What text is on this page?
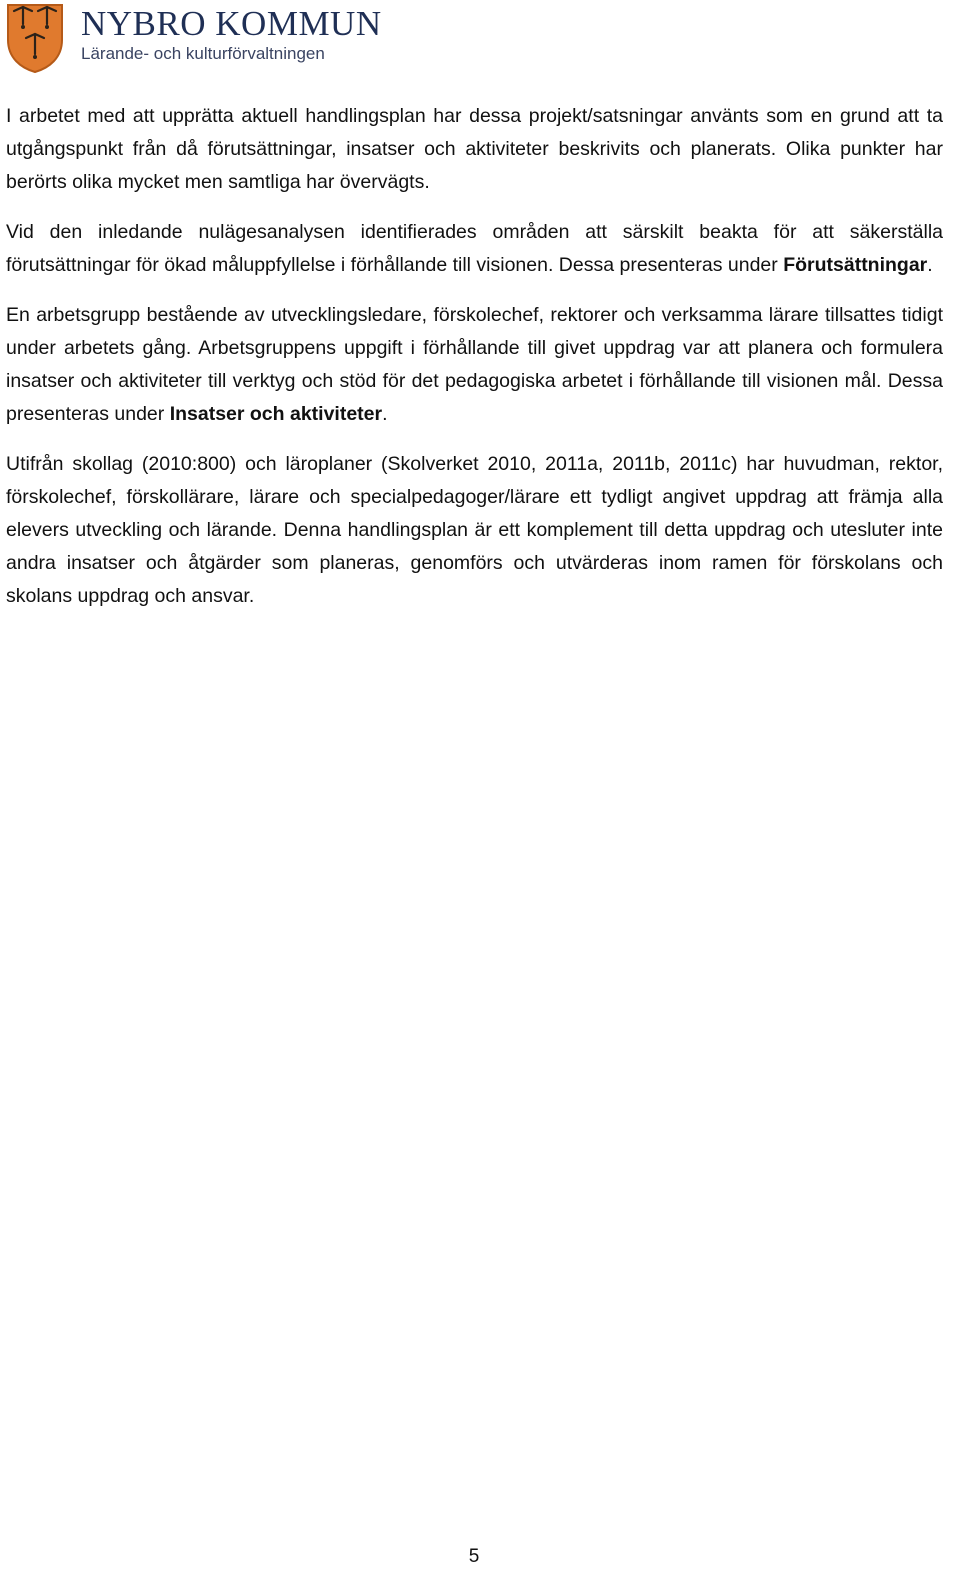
NYBRO KOMMUN
Lärande- och kulturförvaltningen

I arbetet med att upprätta aktuell handlingsplan har dessa projekt/satsningar använts som en grund att ta utgångspunkt från då förutsättningar, insatser och aktiviteter beskrivits och planerats. Olika punkter har berörts olika mycket men samtliga har övervägts.

Vid den inledande nulägesanalysen identifierades områden att särskilt beakta för att säkerställa förutsättningar för ökad måluppfyllelse i förhållande till visionen. Dessa presenteras under Förutsättningar.

En arbetsgrupp bestående av utvecklingsledare, förskolechef, rektorer och verksamma lärare tillsattes tidigt under arbetets gång. Arbetsgruppens uppgift i förhållande till givet uppdrag var att planera och formulera insatser och aktiviteter till verktyg och stöd för det pedagogiska arbetet i förhållande till visionen mål. Dessa presenteras under Insatser och aktiviteter.

Utifrån skollag (2010:800) och läroplaner (Skolverket 2010, 2011a, 2011b, 2011c) har huvudman, rektor, förskolechef, förskollärare, lärare och specialpedagoger/lärare ett tydligt angivet uppdrag att främja alla elevers utveckling och lärande. Denna handlingsplan är ett komplement till detta uppdrag och utesluter inte andra insatser och åtgärder som planeras, genomförs och utvärderas inom ramen för förskolans och skolans uppdrag och ansvar.

5
